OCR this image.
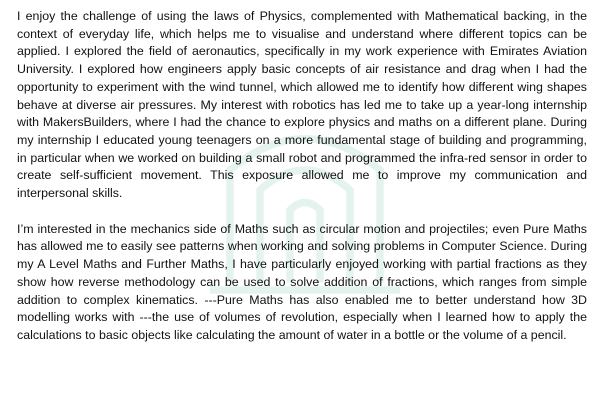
I enjoy the challenge of using the laws of Physics, complemented with Mathematical backing, in the context of everyday life, which helps me to visualise and understand where different topics can be applied. I explored the field of aeronautics, specifically in my work experience with Emirates Aviation University. I explored how engineers apply basic concepts of air resistance and drag when I had the opportunity to experiment with the wind tunnel, which allowed me to identify how different wing shapes behave at diverse air pressures. My interest with robotics has led me to take up a year-long internship with MakersBuilders, where I had the chance to explore physics and maths on a different plane. During my internship I educated young teenagers on a more fundamental stage of building and programming, in particular when we worked on building a small robot and programmed the infra-red sensor in order to create self-sufficient movement. This exposure allowed me to improve my communication and interpersonal skills.

I’m interested in the mechanics side of Maths such as circular motion and projectiles; even Pure Maths has allowed me to easily see patterns when working and solving problems in Computer Science. During my A Level Maths and Further Maths, I have particularly enjoyed working with partial fractions as they show how reverse methodology can be used to solve addition of fractions, which ranges from simple addition to complex kinematics. ---Pure Maths has also enabled me to better understand how 3D modelling works with ---the use of volumes of revolution, especially when I learned how to apply the calculations to basic objects like calculating the amount of water in a bottle or the volume of a pencil.
